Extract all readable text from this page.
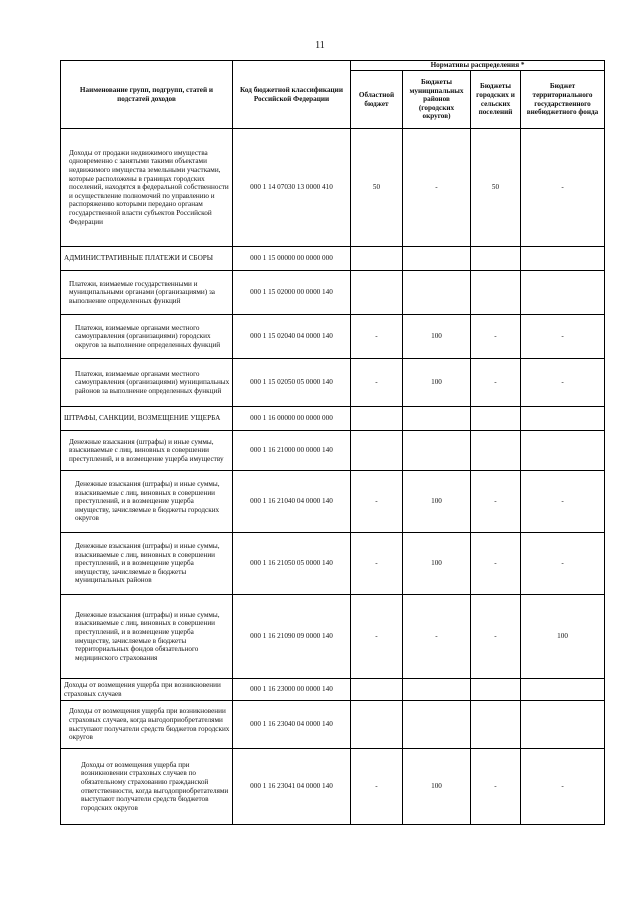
11
Наименование групп, подгрупп, статей и подстатей доходов	Код бюджетной классификации Российской Федерации	Нормативы распределения *			
		Областной бюджет	Бюджеты муниципальных районов (городских округов)	Бюджеты городских и сельских поселений	Бюджет территориального государственного внебюджетного фонда
Доходы от продажи недвижимого имущества одновременно с занятыми такими объектами недвижимого имущества земельными участками, которые расположены в границах городских поселений, находятся в федеральной собственности и осуществление полномочий по управлению и распоряжению которыми передано органам государственной власти субъектов Российской Федерации	000 1 14 07030 13 0000 410	50	-	50	-
АДМИНИСТРАТИВНЫЕ ПЛАТЕЖИ И СБОРЫ	000 1 15 00000 00 0000 000				
Платежи, взимаемые государственными и муниципальными органами (организациями) за выполнение определенных функций	000 1 15 02000 00 0000 140				
Платежи, взимаемые органами местного самоуправления (организациями) городских округов за выполнение определенных функций	000 1 15 02040 04 0000 140	-	100	-	-
Платежи, взимаемые органами местного самоуправления (организациями) муниципальных районов за выполнение определенных функций	000 1 15 02050 05 0000 140	-	100	-	-
ШТРАФЫ, САНКЦИИ, ВОЗМЕЩЕНИЕ УЩЕРБА	000 1 16 00000 00 0000 000				
Денежные взыскания (штрафы) и иные суммы, взыскиваемые с лиц, виновных в совершении преступлений, и в возмещение ущерба имуществу	000 1 16 21000 00 0000 140				
Денежные взыскания (штрафы) и иные суммы, взыскиваемые с лиц, виновных в совершении преступлений, и в возмещение ущерба имуществу, зачисляемые в бюджеты городских округов	000 1 16 21040 04 0000 140	-	100	-	-
Денежные взыскания (штрафы) и иные суммы, взыскиваемые с лиц, виновных в совершении преступлений, и в возмещение ущерба имуществу, зачисляемые в бюджеты муниципальных районов	000 1 16 21050 05 0000 140	-	100	-	-
Денежные взыскания (штрафы) и иные суммы, взыскиваемые с лиц, виновных в совершении преступлений, и в возмещение ущерба имуществу, зачисляемые в бюджеты территориальных фондов обязательного медицинского страхования	000 1 16 21090 09 0000 140	-	-	-	100
Доходы от возмещения ущерба при возникновении страховых случаев	000 1 16 23000 00 0000 140				
Доходы от возмещения ущерба при возникновении страховых случаев, когда выгодоприобретателями выступают получатели средств бюджетов городских округов	000 1 16 23040 04 0000 140				
Доходы от возмещения ущерба при возникновении страховых случаев по обязательному страхованию гражданской ответственности, когда выгодоприобретателями выступают получатели средств бюджетов городских округов	000 1 16 23041 04 0000 140	-	100	-	-
